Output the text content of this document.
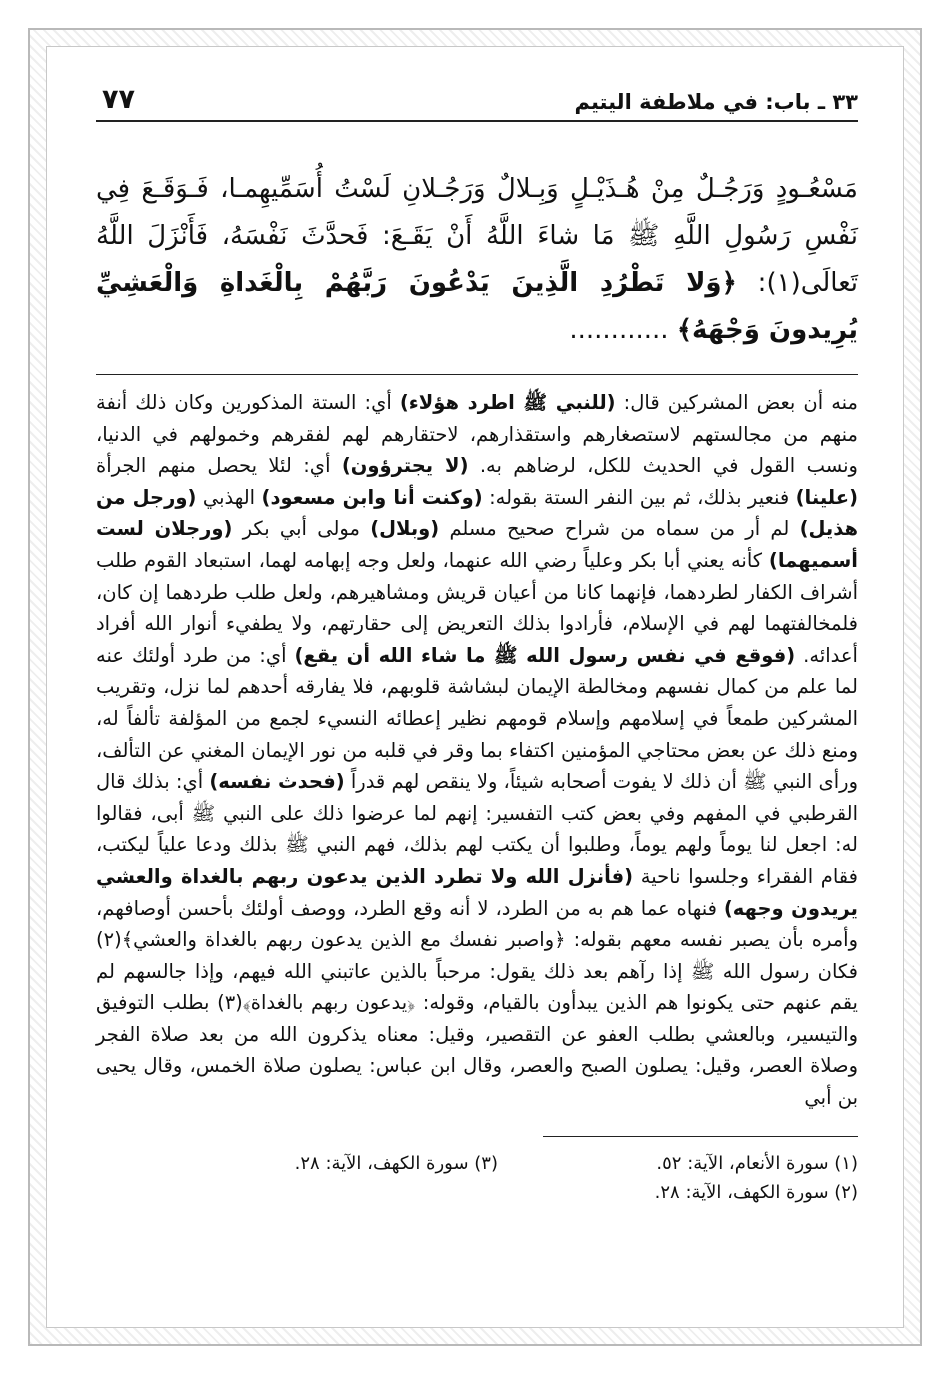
٣٣ ـ باب: في ملاطفة اليتيم
٧٧
مَسْعُـودٍ وَرَجُـلٌ مِنْ هُـذَيْـلٍ وَبِـلالٌ وَرَجُـلانِ لَسْتُ أُسَمِّيهِمـا، فَـوَقَـعَ فِي نَفْسِ رَسُولِ اللَّهِ ﷺ مَا شاءَ اللَّهُ أَنْ يَقَـعَ: فَحدَّثَ نَفْسَهُ، فَأَنْزَلَ اللَّهُ تَعالَى(١): ﴿وَلا تَطْرُدِ الَّذِينَ يَدْعُونَ رَبَّهُمْ بِالْغَداةِ وَالْعَشِيِّ يُرِيدونَ وَجْهَهُ﴾ ............
منه أن بعض المشركين قال: (للنبي ﷺ اطرد هؤلاء) أي: الستة المذكورين وكان ذلك أنفة منهم من مجالستهم لاستصغارهم واستقذارهم، لاحتقارهم لهم لفقرهم وخمولهم في الدنيا، ونسب القول في الحديث للكل، لرضاهم به. (لا يجترؤون) أي: لئلا يحصل منهم الجرأة (علينا) فنعير بذلك، ثم بين النفر الستة بقوله: (وكنت أنا وابن مسعود) الهذبي (ورجل من هذيل) لم أر من سماه من شراح صحيح مسلم (وبلال) مولى أبي بكر (ورجلان لست أسميهما) كأنه يعني أبا بكر وعلياً رضي الله عنهما، ولعل وجه إبهامه لهما، استبعاد القوم طلب أشراف الكفار لطردهما، فإنهما كانا من أعيان قريش ومشاهيرهم، ولعل طلب طردهما إن كان، فلمخالفتهما لهم في الإسلام، فأرادوا بذلك التعريض إلى حقارتهم، ولا يطفيء أنوار الله أفراد أعدائه. (فوقع في نفس رسول الله ﷺ ما شاء الله أن يقع) أي: من طرد أولئك عنه لما علم من كمال نفسهم ومخالطة الإيمان لبشاشة قلوبهم، فلا يفارقه أحدهم لما نزل، وتقريب المشركين طمعاً في إسلامهم وإسلام قومهم نظير إعطائه النسيء لجمع من المؤلفة تألفاً له، ومنع ذلك عن بعض محتاجي المؤمنين اكتفاء بما وقر في قلبه من نور الإيمان المغني عن التألف، ورأى النبي ﷺ أن ذلك لا يفوت أصحابه شيئاً، ولا ينقص لهم قدراً (فحدث نفسه) أي: بذلك قال القرطبي في المفهم وفي بعض كتب التفسير: إنهم لما عرضوا ذلك على النبي ﷺ أبى، فقالوا له: اجعل لنا يوماً ولهم يوماً، وطلبوا أن يكتب لهم بذلك، فهم النبي ﷺ بذلك ودعا علياً ليكتب، فقام الفقراء وجلسوا ناحية (فأنزل الله ولا تطرد الذين يدعون ربهم بالغداة والعشي يريدون وجهه) فنهاه عما هم به من الطرد، لا أنه وقع الطرد، ووصف أولئك بأحسن أوصافهم، وأمره بأن يصبر نفسه معهم بقوله: ﴿واصبر نفسك مع الذين يدعون ربهم بالغداة والعشي﴾(٢) فكان رسول الله ﷺ إذا رآهم بعد ذلك يقول: مرحباً بالذين عاتبني الله فيهم، وإذا جالسهم لم يقم عنهم حتى يكونوا هم الذين يبدأون بالقيام، وقوله: ﴿يدعون ربهم بالغداة﴾(٣) بطلب التوفيق والتيسير، وبالعشي بطلب العفو عن التقصير، وقيل: معناه يذكرون الله من بعد صلاة الفجر وصلاة العصر، وقيل: يصلون الصبح والعصر، وقال ابن عباس: يصلون صلاة الخمس، وقال يحيى بن أبي
(١) سورة الأنعام، الآية: ٥٢.
(٢) سورة الكهف، الآية: ٢٨.
(٣) سورة الكهف، الآية: ٢٨.
